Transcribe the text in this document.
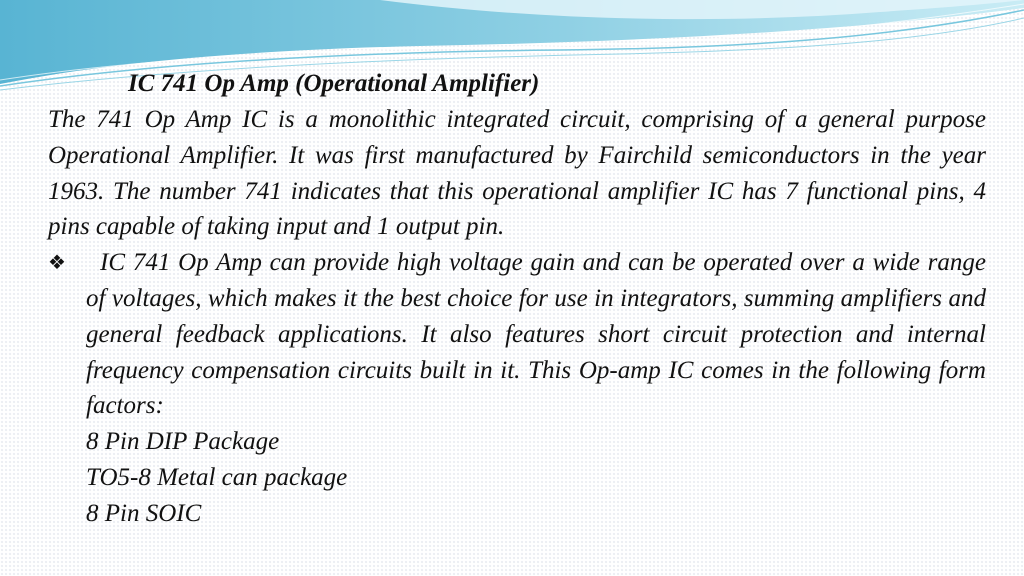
IC 741 Op Amp (Operational Amplifier)

The 741 Op Amp IC is a monolithic integrated circuit, comprising of a general purpose Operational Amplifier. It was first manufactured by Fairchild semiconductors in the year 1963. The number 741 indicates that this operational amplifier IC has 7 functional pins, 4 pins capable of taking input and 1 output pin.

❖	IC 741 Op Amp can provide high voltage gain and can be operated over a wide range of voltages, which makes it the best choice for use in integrators, summing amplifiers and general feedback applications. It also features short circuit protection and internal frequency compensation circuits built in it. This Op-amp IC comes in the following form factors:

8 Pin DIP Package
TO5-8 Metal can package
8 Pin SOIC
